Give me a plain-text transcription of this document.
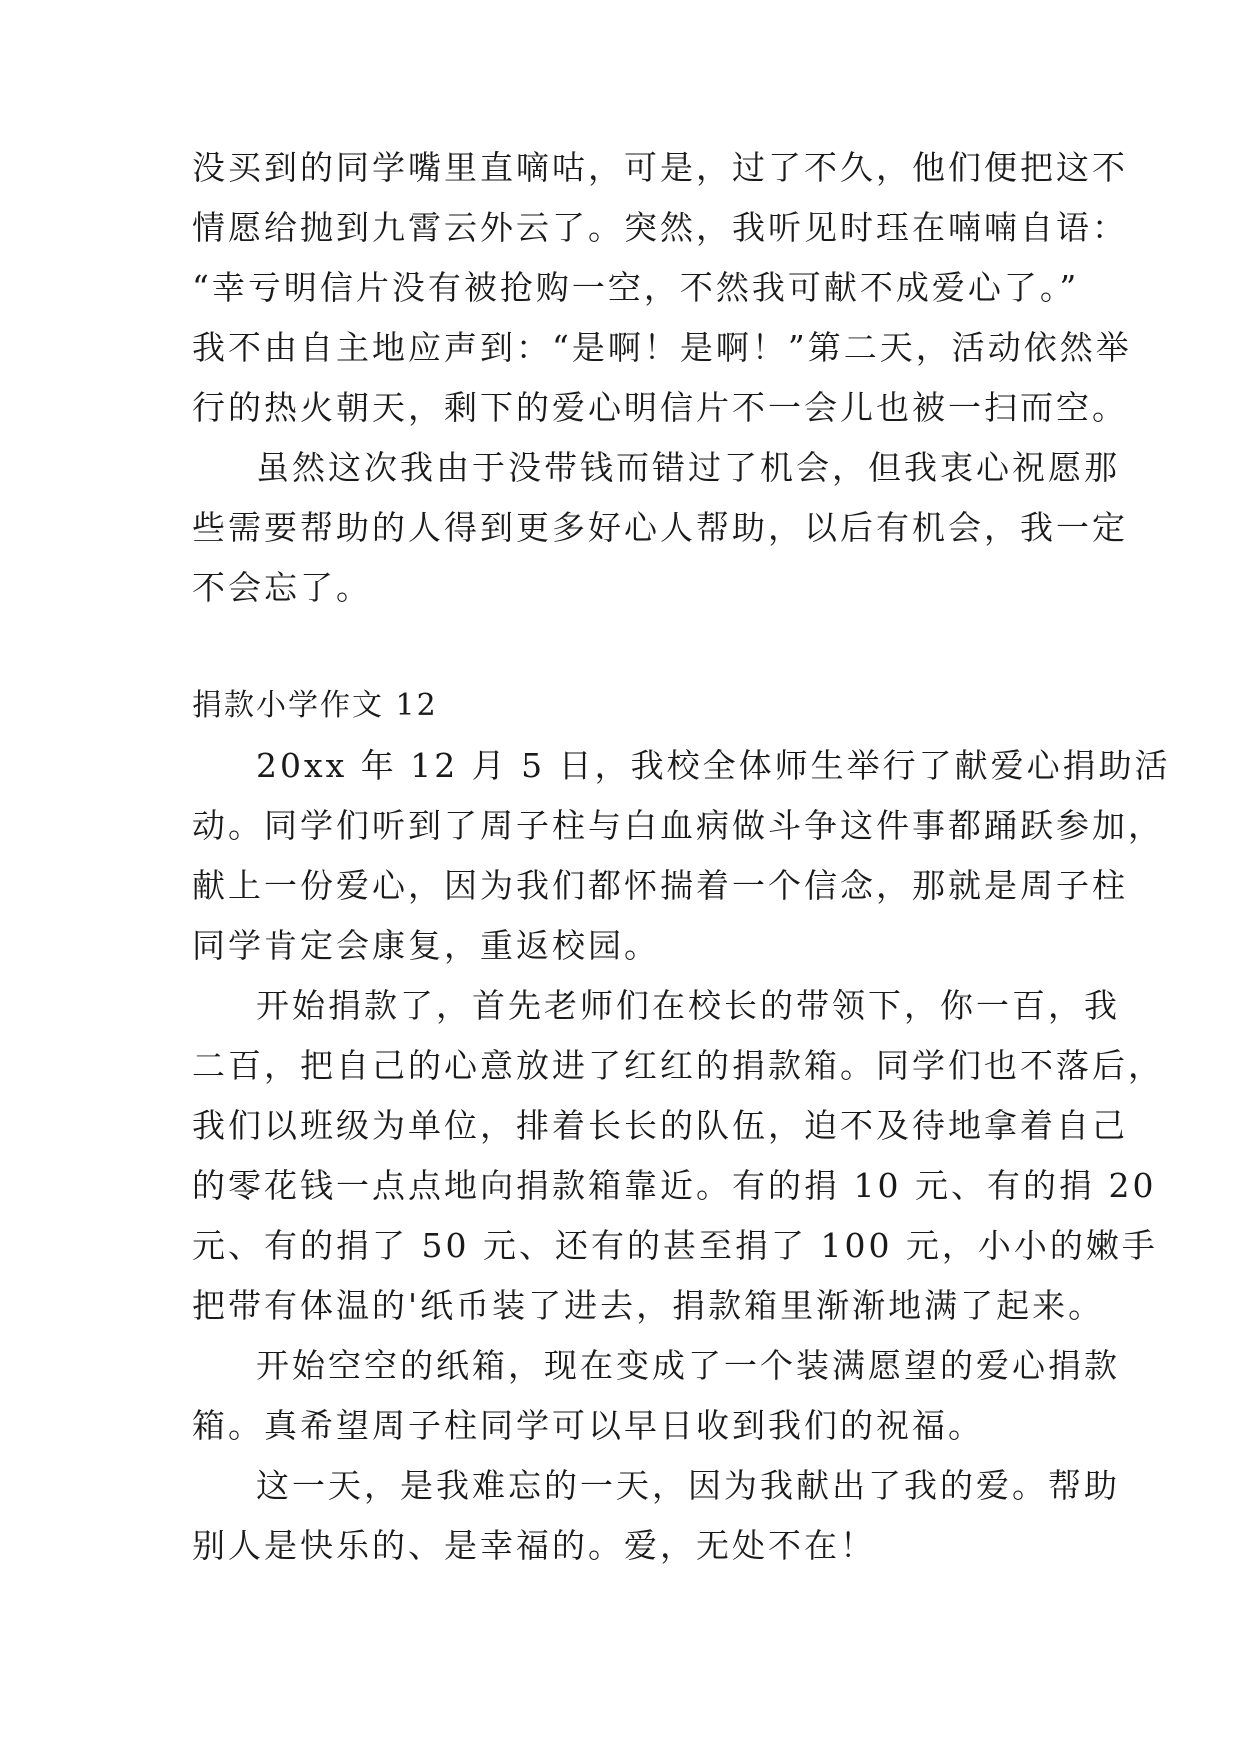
没买到的同学嘴里直嘀咕，可是，过了不久，他们便把这不
情愿给抛到九霄云外云了。突然，我听见时珏在喃喃自语：
“幸亏明信片没有被抢购一空，不然我可献不成爱心了。”
我不由自主地应声到：“是啊！是啊！”第二天，活动依然举
行的热火朝天，剩下的爱心明信片不一会儿也被一扫而空。
虽然这次我由于没带钱而错过了机会，但我衷心祝愿那
些需要帮助的人得到更多好心人帮助，以后有机会，我一定
不会忘了。
捐款小学作文 12
20xx 年 12 月 5 日，我校全体师生举行了献爱心捐助活
动。同学们听到了周子柱与白血病做斗争这件事都踊跃参加，
献上一份爱心，因为我们都怀揣着一个信念，那就是周子柱
同学肯定会康复，重返校园。
开始捐款了，首先老师们在校长的带领下，你一百，我
二百，把自己的心意放进了红红的捐款箱。同学们也不落后，
我们以班级为单位，排着长长的队伍，迫不及待地拿着自己
的零花钱一点点地向捐款箱靠近。有的捐 10 元、有的捐 20
元、有的捐了 50 元、还有的甚至捐了 100 元，小小的嫩手
把带有体温的'纸币装了进去，捐款箱里渐渐地满了起来。
开始空空的纸箱，现在变成了一个装满愿望的爱心捐款
箱。真希望周子柱同学可以早日收到我们的祝福。
这一天，是我难忘的一天，因为我献出了我的爱。帮助
别人是快乐的、是幸福的。爱，无处不在！
